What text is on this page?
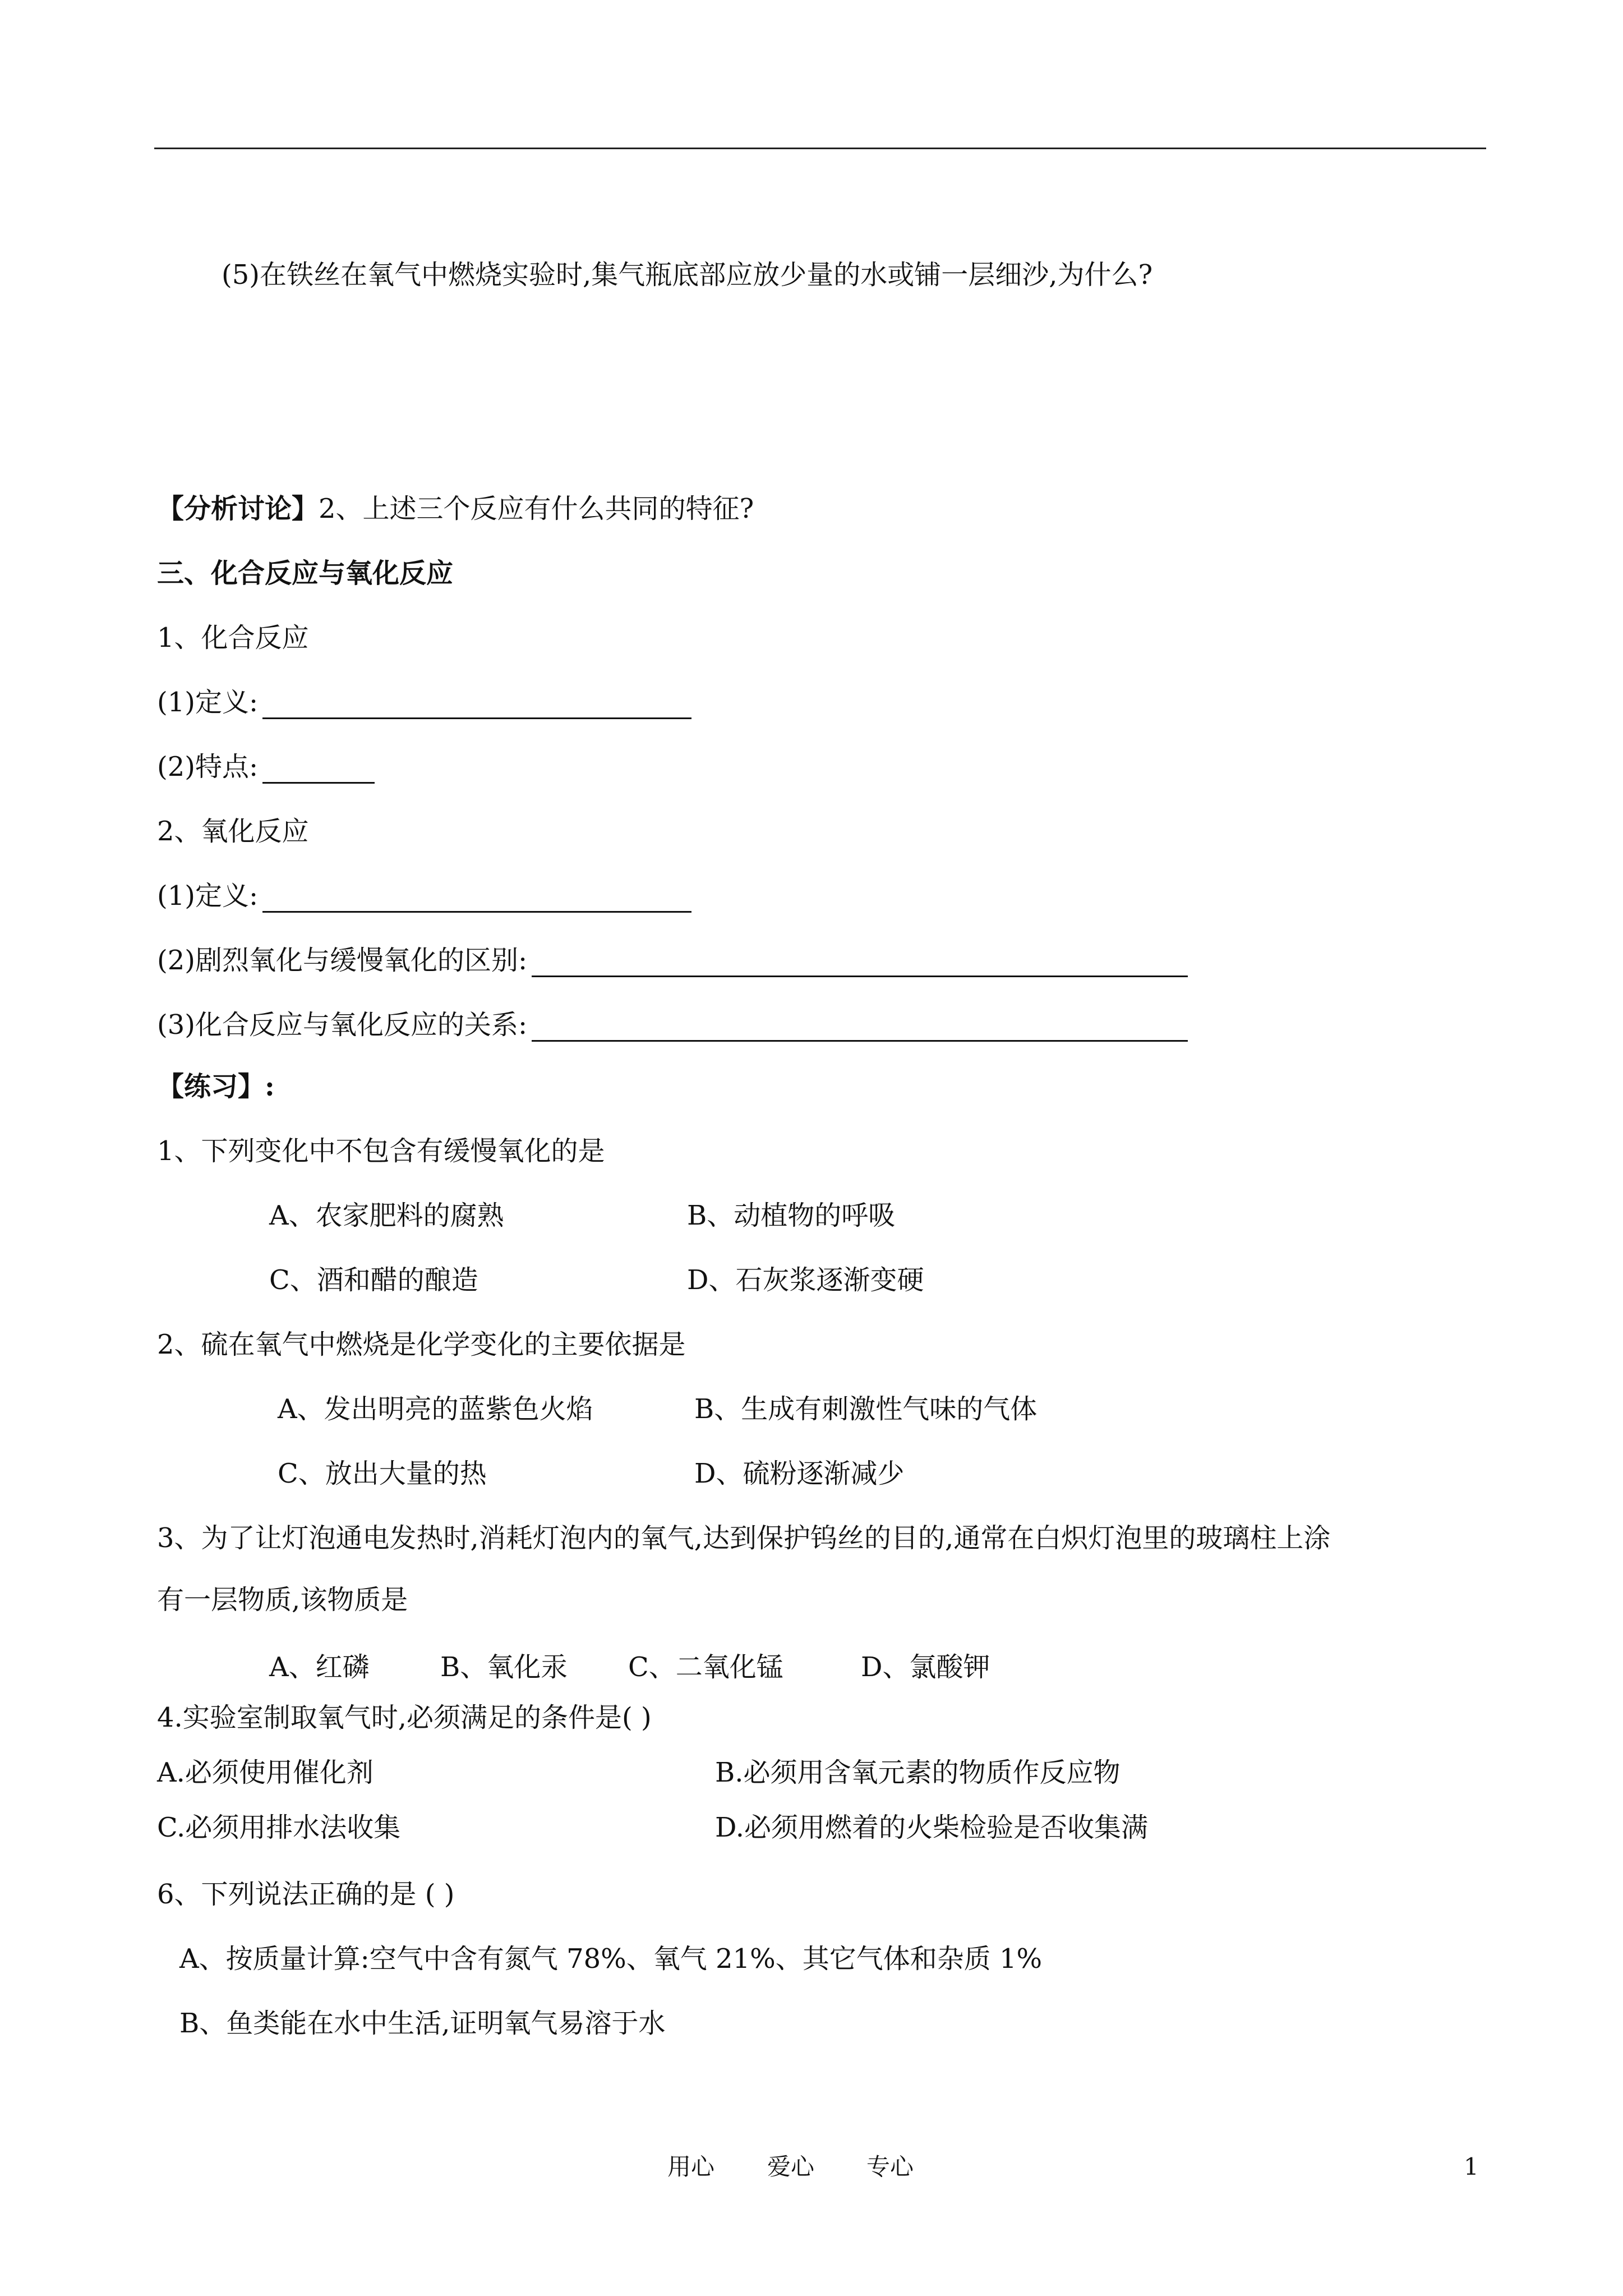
(5)在铁丝在氧气中燃烧实验时,集气瓶底部应放少量的水或铺一层细沙,为什么?
【分析讨论】2、上述三个反应有什么共同的特征?
三、化合反应与氧化反应
1、化合反应
(1)定义:
(2)特点:
2、氧化反应
(1)定义:
(2)剧烈氧化与缓慢氧化的区别:
(3)化合反应与氧化反应的关系:
【练习】:
1、下列变化中不包含有缓慢氧化的是
A、农家肥料的腐熟	B、动植物的呼吸
C、酒和醋的酿造	D、石灰浆逐渐变硬
2、硫在氧气中燃烧是化学变化的主要依据是
A、发出明亮的蓝紫色火焰	B、生成有刺激性气味的气体
C、放出大量的热	D、硫粉逐渐减少
3、为了让灯泡通电发热时,消耗灯泡内的氧气,达到保护钨丝的目的,通常在白炽灯泡里的玻璃柱上涂
有一层物质,该物质是
A、红磷	B、氧化汞 C、二氧化锰	D、氯酸钾
4.实验室制取氧气时,必须满足的条件是( )
A.必须使用催化剂	B.必须用含氧元素的物质作反应物
C.必须用排水法收集	D.必须用燃着的火柴检验是否收集满
6、下列说法正确的是 ( )
A、按质量计算:空气中含有氮气 78%、氧气 21%、其它气体和杂质 1%
B、鱼类能在水中生活,证明氧气易溶于水
用心 爱心 专心	1
